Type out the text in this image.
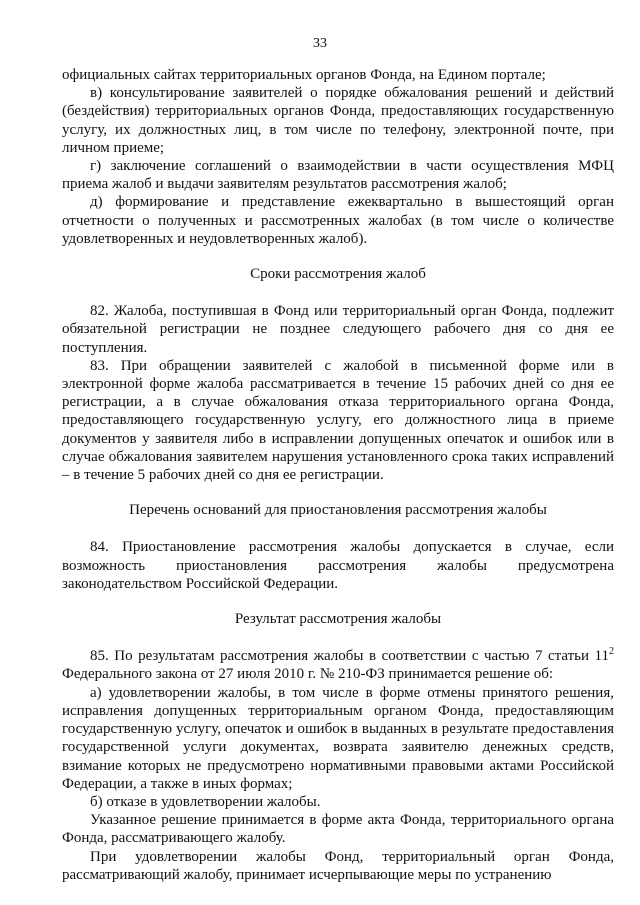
33

официальных сайтах территориальных органов Фонда, на Едином портале;

в) консультирование заявителей о порядке обжалования решений и действий (бездействия) территориальных органов Фонда, предоставляющих государственную услугу, их должностных лиц, в том числе по телефону, электронной почте, при личном приеме;

г) заключение соглашений о взаимодействии в части осуществления МФЦ приема жалоб и выдачи заявителям результатов рассмотрения жалоб;

д) формирование и представление ежеквартально в вышестоящий орган отчетности о полученных и рассмотренных жалобах (в том числе о количестве удовлетворенных и неудовлетворенных жалоб).

Сроки рассмотрения жалоб

82. Жалоба, поступившая в Фонд или территориальный орган Фонда, подлежит обязательной регистрации не позднее следующего рабочего дня со дня ее поступления.

83. При обращении заявителей с жалобой в письменной форме или в электронной форме жалоба рассматривается в течение 15 рабочих дней со дня ее регистрации, а в случае обжалования отказа территориального органа Фонда, предоставляющего государственную услугу, его должностного лица в приеме документов у заявителя либо в исправлении допущенных опечаток и ошибок или в случае обжалования заявителем нарушения установленного срока таких исправлений – в течение 5 рабочих дней со дня ее регистрации.

Перечень оснований для приостановления рассмотрения жалобы

84. Приостановление рассмотрения жалобы допускается в случае, если возможность приостановления рассмотрения жалобы предусмотрена законодательством Российской Федерации.

Результат рассмотрения жалобы

85. По результатам рассмотрения жалобы в соответствии с частью 7 статьи $11^2$ Федерального закона от 27 июля 2010 г. № 210-ФЗ принимается решение об:

а) удовлетворении жалобы, в том числе в форме отмены принятого решения, исправления допущенных территориальным органом Фонда, предоставляющим государственную услугу, опечаток и ошибок в выданных в результате предоставления государственной услуги документах, возврата заявителю денежных средств, взимание которых не предусмотрено нормативными правовыми актами Российской Федерации, а также в иных формах;

б) отказе в удовлетворении жалобы.

Указанное решение принимается в форме акта Фонда, территориального органа Фонда, рассматривающего жалобу.

При удовлетворении жалобы Фонд, территориальный орган Фонда, рассматривающий жалобу, принимает исчерпывающие меры по устранению
